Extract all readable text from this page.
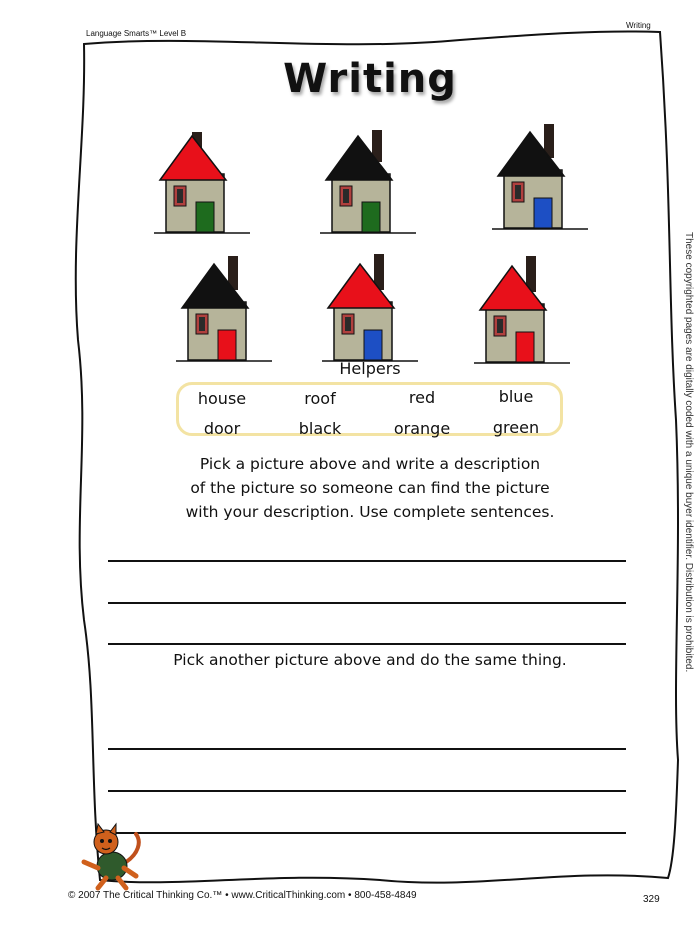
Language Smarts™ Level B
Writing
Writing
Helpers
house	roof	red	blue
door	black	orange	green
Pick a picture above and write a description
of the picture so someone can find the picture
with your description. Use complete sentences.
Pick another picture above and do the same thing.
© 2007 The Critical Thinking Co.™ • www.CriticalThinking.com • 800-458-4849	329
These copyrighted pages are digitally coded with a unique buyer identifier. Distribution is prohibited.
